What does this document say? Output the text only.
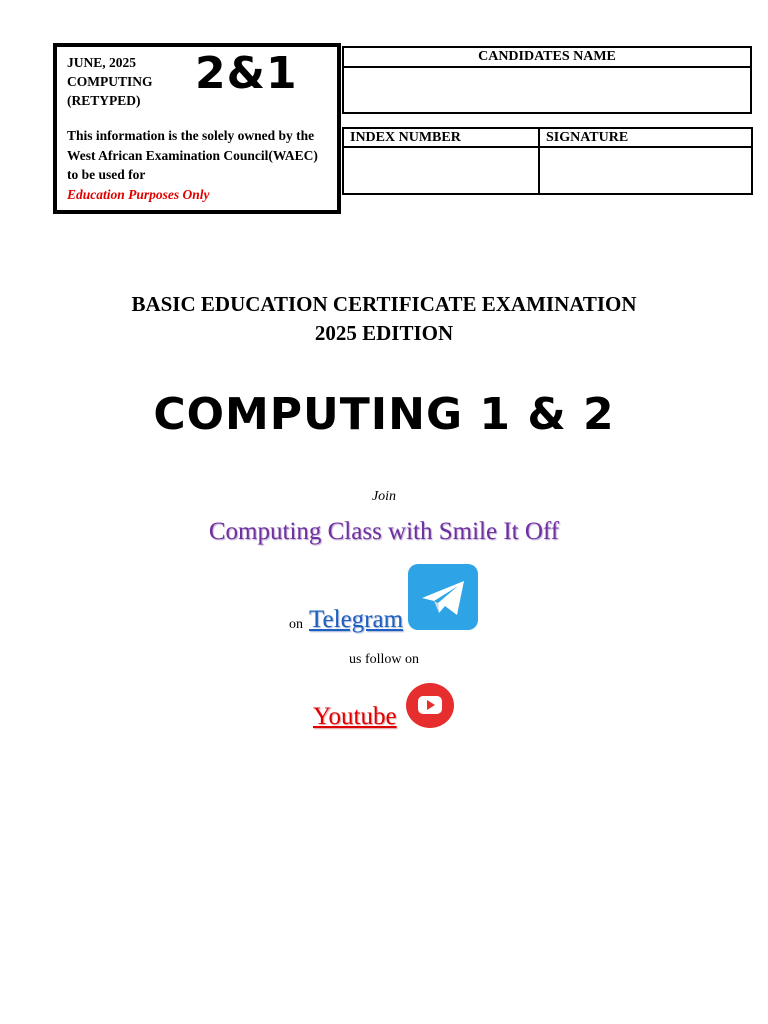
JUNE, 2025
COMPUTING
(RETYPED)
2&1
This information is the solely owned by the West African Examination Council(WAEC) to be used for
Education Purposes Only
CANDIDATES NAME

INDEX NUMBER	SIGNATURE

BASIC EDUCATION CERTIFICATE EXAMINATION
2025 EDITION
COMPUTING 1 & 2
Join
Computing Class with Smile It Off
on Telegram
us follow on
Youtube
